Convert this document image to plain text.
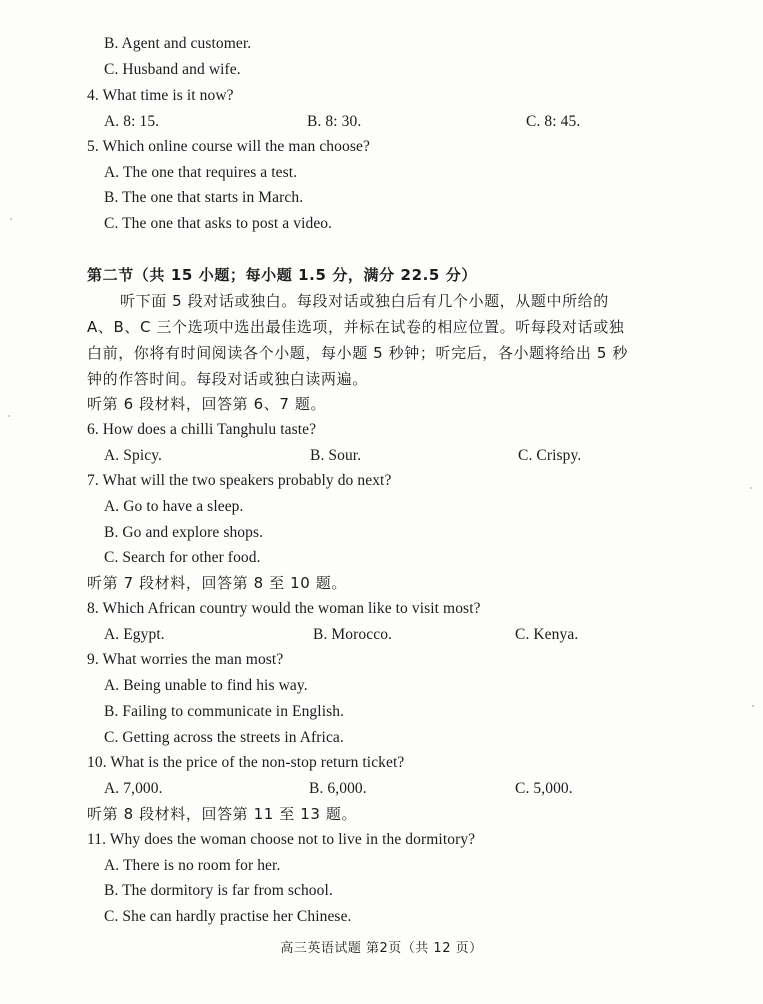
B. Agent and customer.
C. Husband and wife.
4. What time is it now?
A. 8: 15.	B. 8: 30.	C. 8: 45.
5. Which online course will the man choose?
A. The one that requires a test.
B. The one that starts in March.
C. The one that asks to post a video.
第二节（共 15 小题；每小题 1.5 分，满分 22.5 分）
听下面 5 段对话或独白。每段对话或独白后有几个小题，从题中所给的
A、B、C 三个选项中选出最佳选项，并标在试卷的相应位置。听每段对话或独
白前，你将有时间阅读各个小题，每小题 5 秒钟；听完后，各小题将给出 5 秒
钟的作答时间。每段对话或独白读两遍。
听第 6 段材料，回答第 6、7 题。
6. How does a chilli Tanghulu taste?
A. Spicy.	B. Sour.	C. Crispy.
7. What will the two speakers probably do next?
A. Go to have a sleep.
B. Go and explore shops.
C. Search for other food.
听第 7 段材料，回答第 8 至 10 题。
8. Which African country would the woman like to visit most?
A. Egypt.	B. Morocco.	C. Kenya.
9. What worries the man most?
A. Being unable to find his way.
B. Failing to communicate in English.
C. Getting across the streets in Africa.
10. What is the price of the non-stop return ticket?
A. 7,000.	B. 6,000.	C. 5,000.
听第 8 段材料，回答第 11 至 13 题。
11. Why does the woman choose not to live in the dormitory?
A. There is no room for her.
B. The dormitory is far from school.
C. She can hardly practise her Chinese.
高三英语试题 第2页（共 12 页）
